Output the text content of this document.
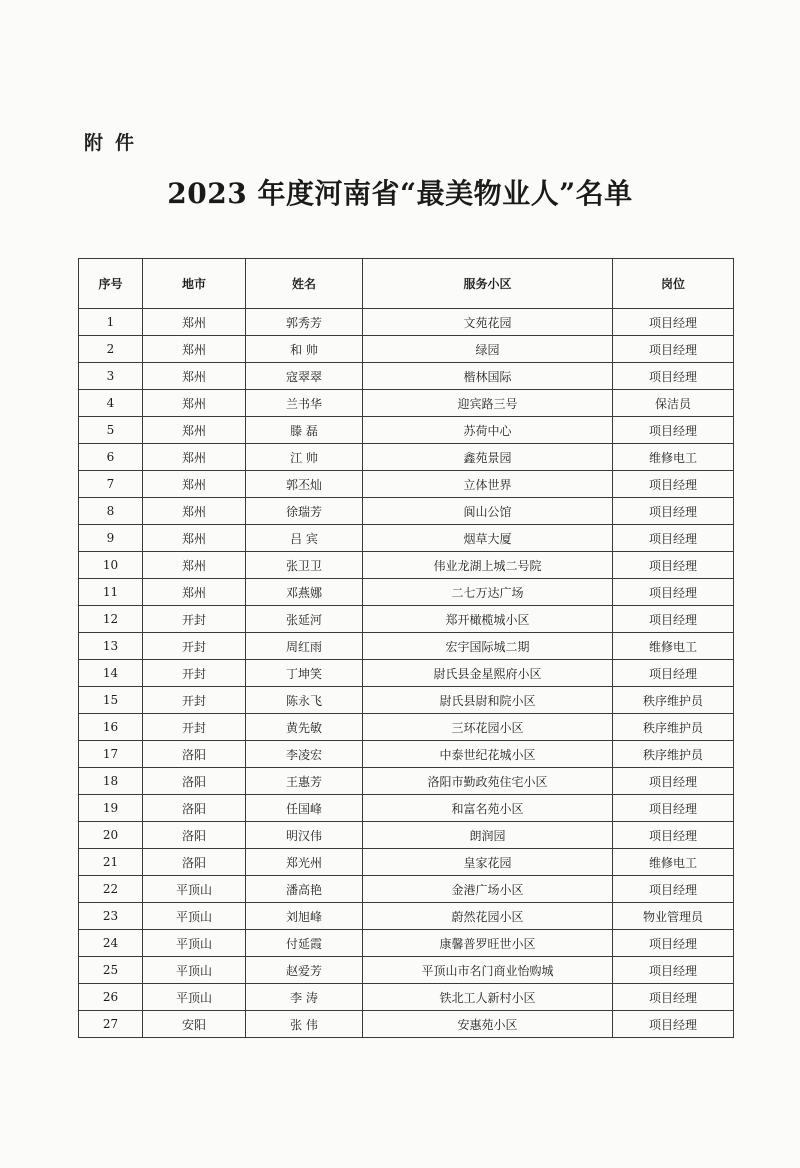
附件
2023 年度河南省“最美物业人”名单
序号	地市	姓名	服务小区	岗位
1	郑州	郭秀芳	文苑花园	项目经理
2	郑州	和 帅	绿园	项目经理
3	郑州	寇翠翠	楷林国际	项目经理
4	郑州	兰书华	迎宾路三号	保洁员
5	郑州	滕 磊	苏荷中心	项目经理
6	郑州	江 帅	鑫苑景园	维修电工
7	郑州	郭丕灿	立体世界	项目经理
8	郑州	徐瑞芳	阆山公馆	项目经理
9	郑州	吕 宾	烟草大厦	项目经理
10	郑州	张卫卫	伟业龙湖上城二号院	项目经理
11	郑州	邓燕娜	二七万达广场	项目经理
12	开封	张延河	郑开橄榄城小区	项目经理
13	开封	周红雨	宏宇国际城二期	维修电工
14	开封	丁坤笑	尉氏县金星熙府小区	项目经理
15	开封	陈永飞	尉氏县尉和院小区	秩序维护员
16	开封	黄先敏	三环花园小区	秩序维护员
17	洛阳	李凌宏	中泰世纪花城小区	秩序维护员
18	洛阳	王惠芳	洛阳市勤政苑住宅小区	项目经理
19	洛阳	任国峰	和富名苑小区	项目经理
20	洛阳	明汉伟	朗润园	项目经理
21	洛阳	郑光州	皇家花园	维修电工
22	平顶山	潘高艳	金港广场小区	项目经理
23	平顶山	刘旭峰	蔚然花园小区	物业管理员
24	平顶山	付延霞	康馨普罗旺世小区	项目经理
25	平顶山	赵爱芳	平顶山市名门商业怡购城	项目经理
26	平顶山	李 涛	铁北工人新村小区	项目经理
27	安阳	张 伟	安惠苑小区	项目经理
